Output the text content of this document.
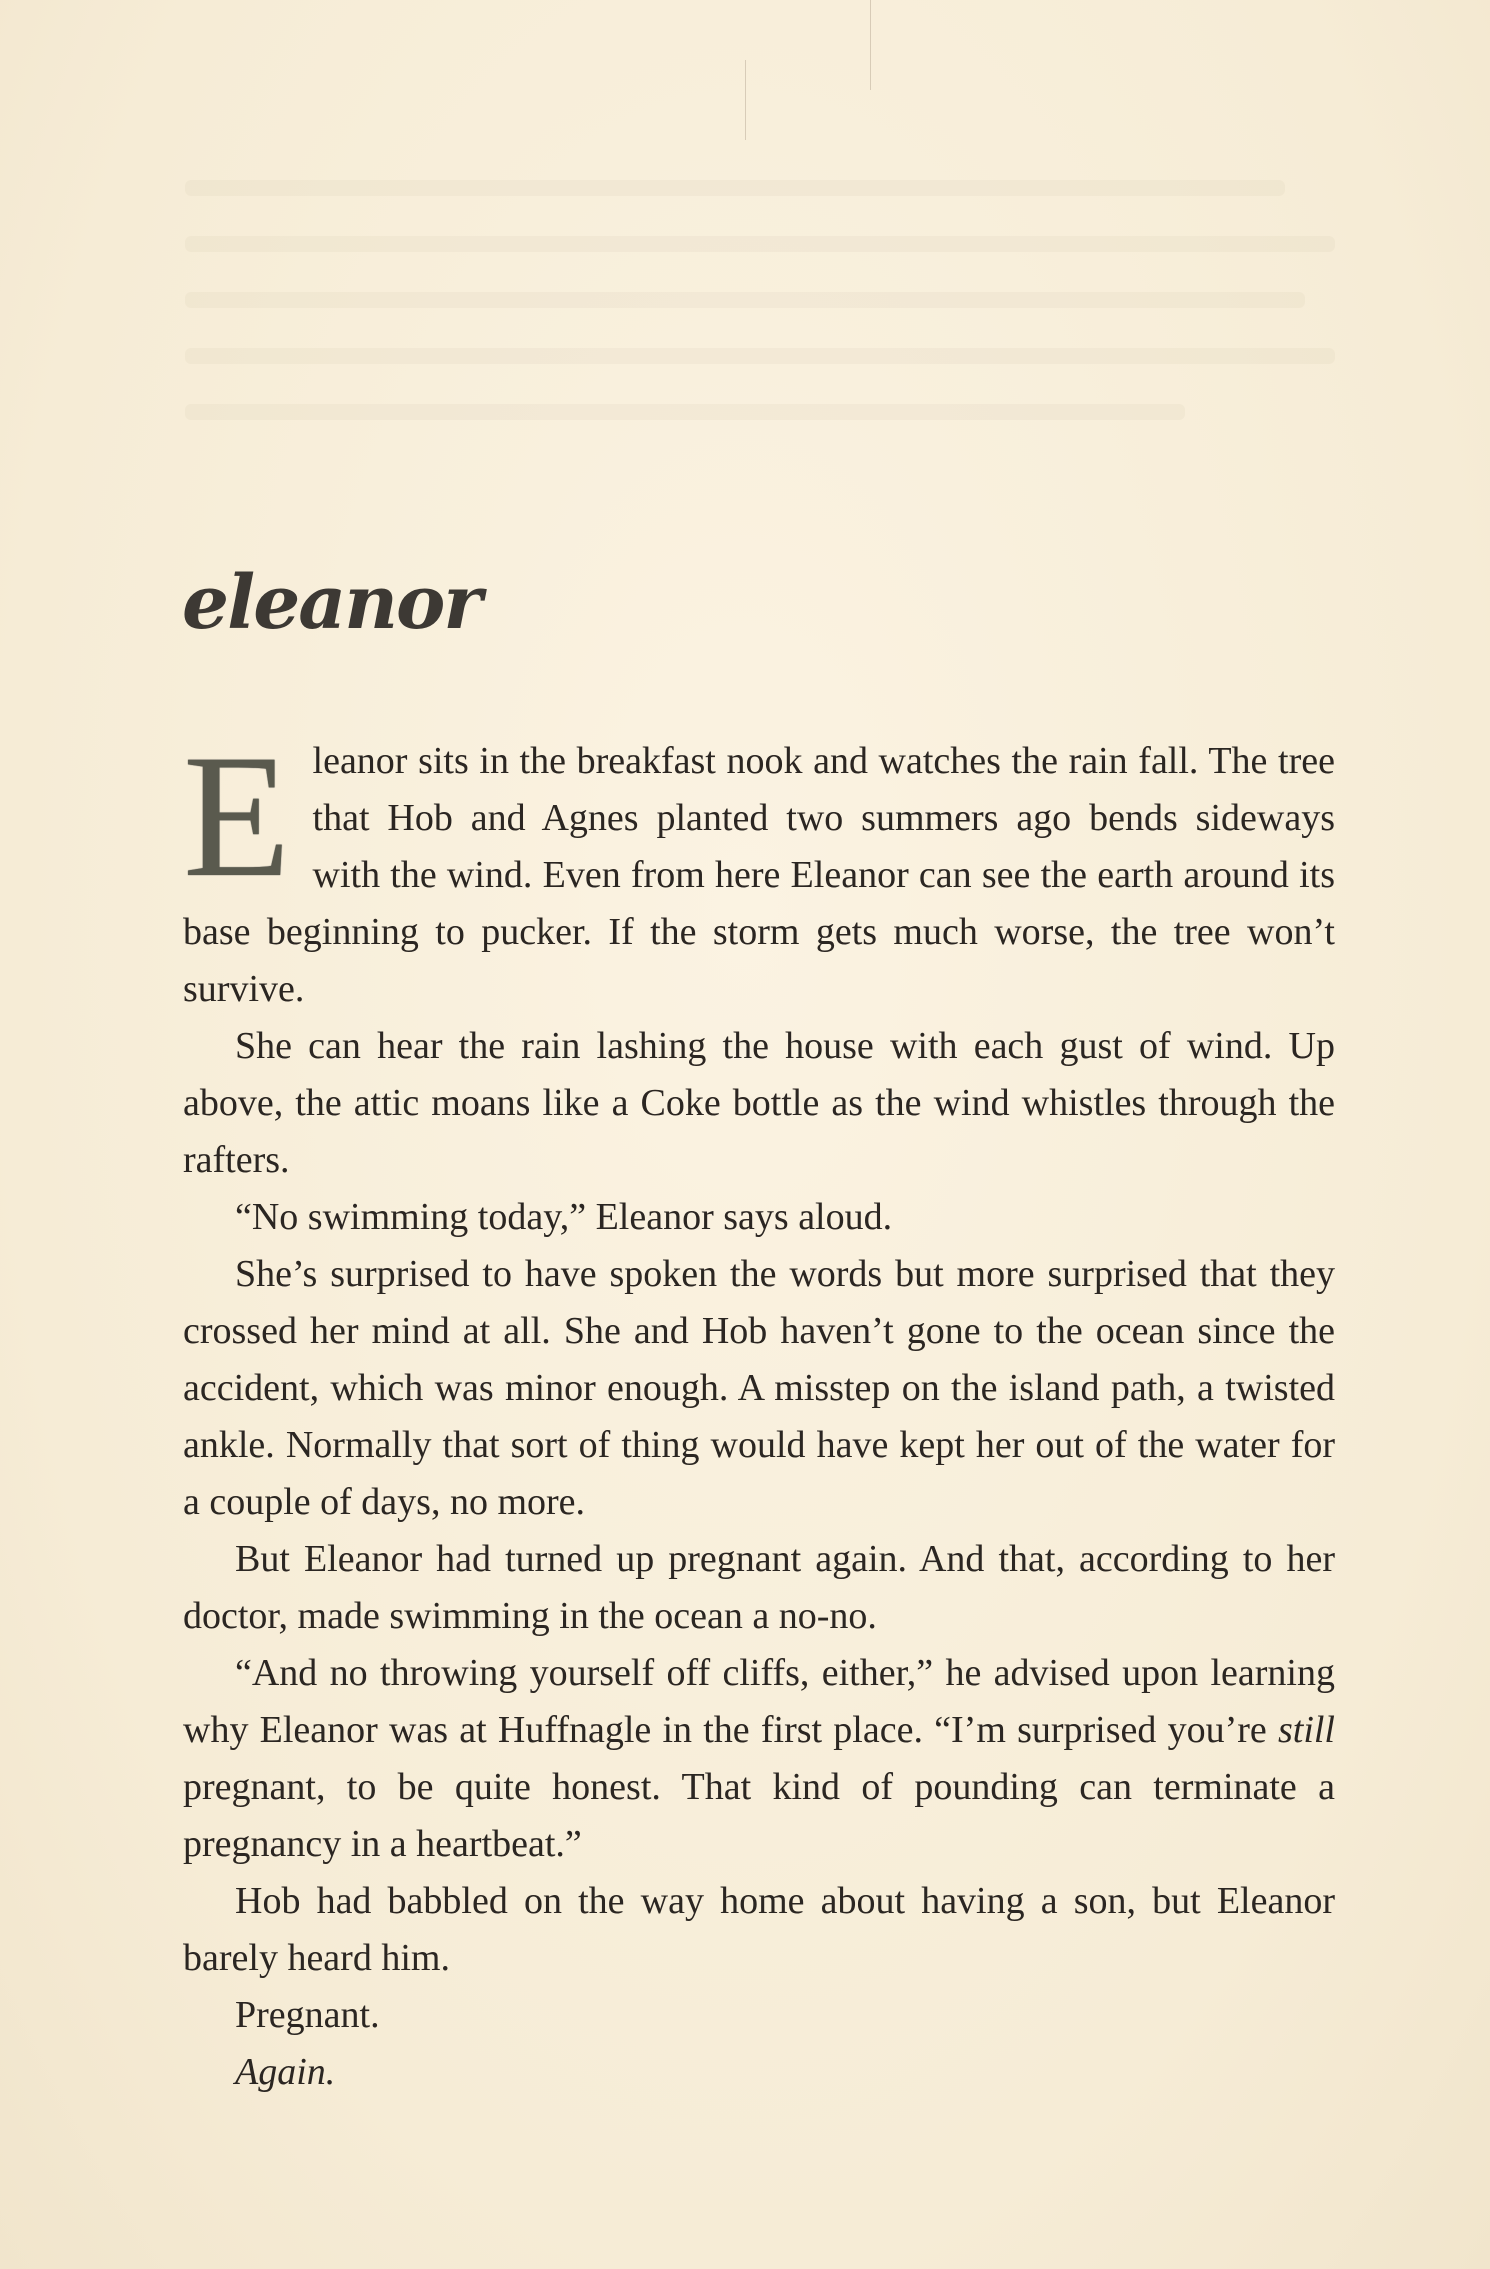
eleanor

Eleanor sits in the breakfast nook and watches the rain fall. The tree that Hob and Agnes planted two summers ago bends sideways with the wind. Even from here Eleanor can see the earth around its base beginning to pucker. If the storm gets much worse, the tree won’t survive.

She can hear the rain lashing the house with each gust of wind. Up above, the attic moans like a Coke bottle as the wind whistles through the rafters.

“No swimming today,” Eleanor says aloud.

She’s surprised to have spoken the words but more surprised that they crossed her mind at all. She and Hob haven’t gone to the ocean since the accident, which was minor enough. A misstep on the island path, a twisted ankle. Normally that sort of thing would have kept her out of the water for a couple of days, no more.

But Eleanor had turned up pregnant again. And that, according to her doctor, made swimming in the ocean a no-no.

“And no throwing yourself off cliffs, either,” he advised upon learning why Eleanor was at Huffnagle in the first place. “I’m surprised you’re still pregnant, to be quite honest. That kind of pounding can terminate a pregnancy in a heartbeat.”

Hob had babbled on the way home about having a son, but Eleanor barely heard him.

Pregnant.

Again.
